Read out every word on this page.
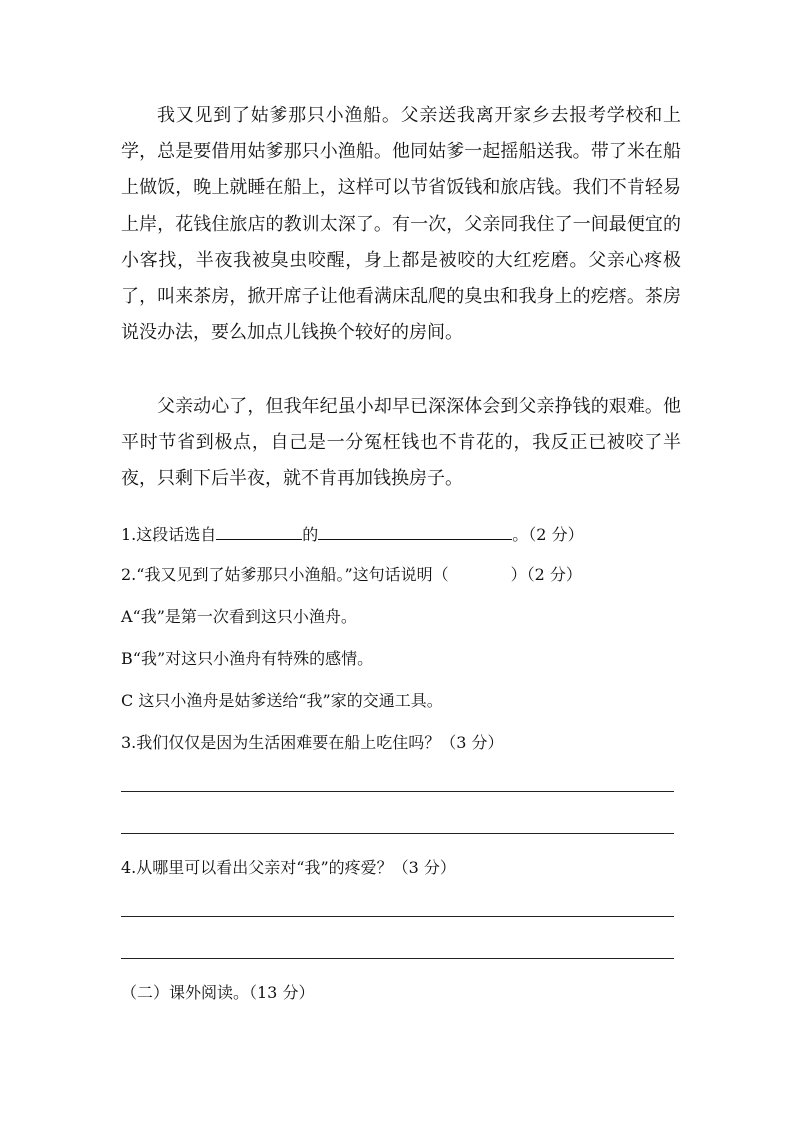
我又见到了姑爹那只小渔船。父亲送我离开家乡去报考学校和上学，总是要借用姑爹那只小渔船。他同姑爹一起摇船送我。带了米在船上做饭，晚上就睡在船上，这样可以节省饭钱和旅店钱。我们不肯轻易上岸，花钱住旅店的教训太深了。有一次，父亲同我住了一间最便宜的小客找，半夜我被臭虫咬醒，身上都是被咬的大红疙磨。父亲心疼极了，叫来茶房，掀开席子让他看满床乱爬的臭虫和我身上的疙瘩。茶房说没办法，要么加点儿钱换个较好的房间。

父亲动心了，但我年纪虽小却早已深深体会到父亲挣钱的艰难。他平时节省到极点，自己是一分冤枉钱也不肯花的，我反正已被咬了半夜，只剩下后半夜，就不肯再加钱换房子。

1.这段话选自	的	。（2 分）
2.“我又见到了姑爹那只小渔船。”这句话说明（	）（2 分）
A“我”是第一次看到这只小渔舟。
B“我”对这只小渔舟有特殊的感情。
C 这只小渔舟是姑爹送给“我”家的交通工具。
3.我们仅仅是因为生活困难要在船上吃住吗？（3 分）
4.从哪里可以看出父亲对“我”的疼爱？（3 分）
（二）课外阅读。（13 分）
